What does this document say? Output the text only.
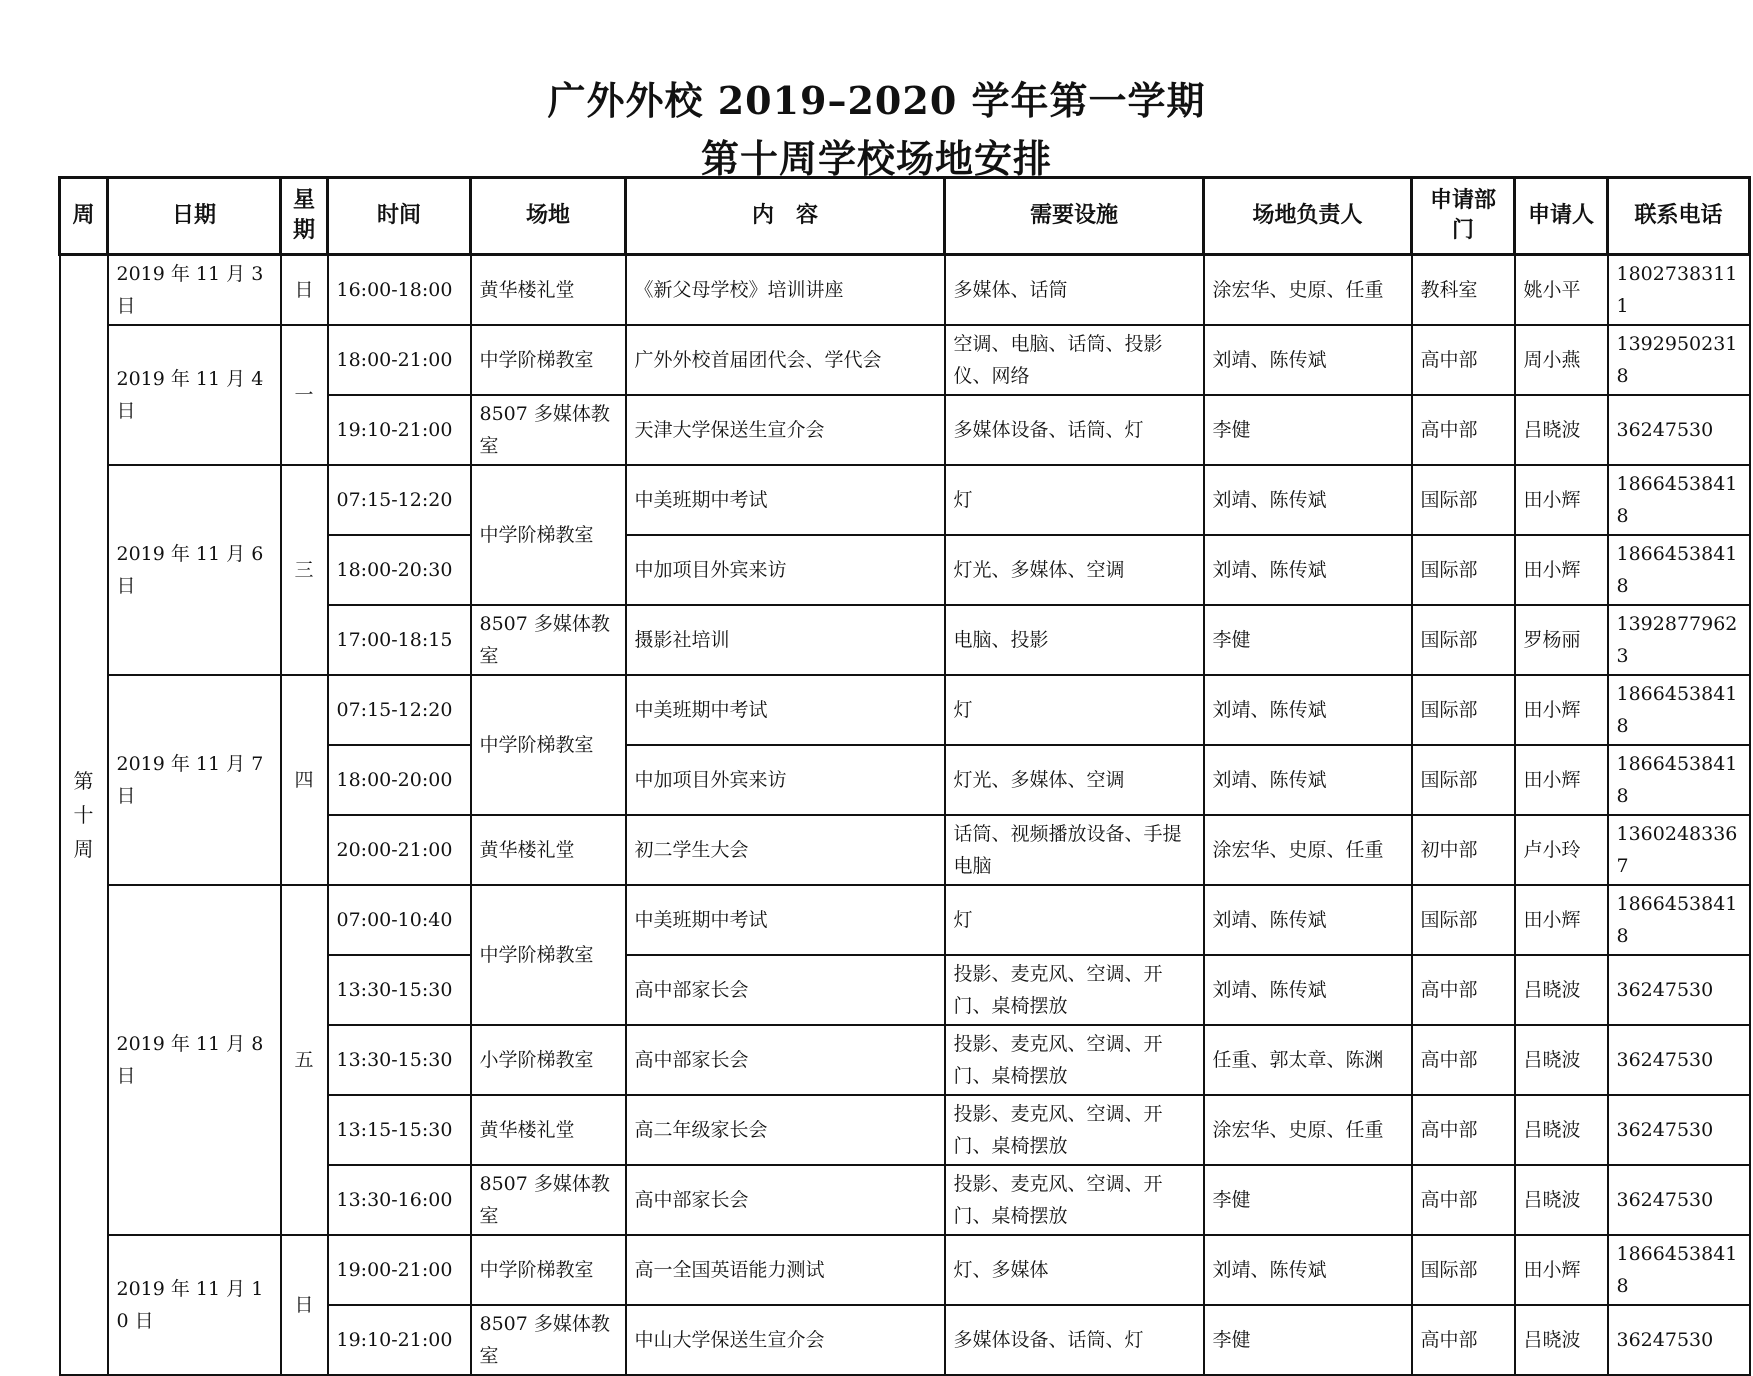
广外外校 2019–2020 学年第一学期
第十周学校场地安排
周	日期	星期	时间	场地	内　容	需要设施	场地负责人	申请部门	申请人	联系电话
第十周	2019 年 11 月 3 日	日	16:00-18:00	黄华楼礼堂	《新父母学校》培训讲座	多媒体、话筒	涂宏华、史原、任重	教科室	姚小平	18027383111
	2019 年 11 月 4 日	一	18:00-21:00	中学阶梯教室	广外外校首届团代会、学代会	空调、电脑、话筒、投影仪、网络	刘靖、陈传斌	高中部	周小燕	13929502318
			19:10-21:00	8507 多媒体教室	天津大学保送生宣介会	多媒体设备、话筒、灯	李健	高中部	吕晓波	36247530
	2019 年 11 月 6 日	三	07:15-12:20	中学阶梯教室	中美班期中考试	灯	刘靖、陈传斌	国际部	田小辉	18664538418
			18:00-20:30		中加项目外宾来访	灯光、多媒体、空调	刘靖、陈传斌	国际部	田小辉	18664538418
			17:00-18:15	8507 多媒体教室	摄影社培训	电脑、投影	李健	国际部	罗杨丽	13928779623
	2019 年 11 月 7 日	四	07:15-12:20	中学阶梯教室	中美班期中考试	灯	刘靖、陈传斌	国际部	田小辉	18664538418
			18:00-20:00		中加项目外宾来访	灯光、多媒体、空调	刘靖、陈传斌	国际部	田小辉	18664538418
			20:00-21:00	黄华楼礼堂	初二学生大会	话筒、视频播放设备、手提电脑	涂宏华、史原、任重	初中部	卢小玲	13602483367
	2019 年 11 月 8 日	五	07:00-10:40	中学阶梯教室	中美班期中考试	灯	刘靖、陈传斌	国际部	田小辉	18664538418
			13:30-15:30		高中部家长会	投影、麦克风、空调、开门、桌椅摆放	刘靖、陈传斌	高中部	吕晓波	36247530
			13:30-15:30	小学阶梯教室	高中部家长会	投影、麦克风、空调、开门、桌椅摆放	任重、郭太章、陈渊	高中部	吕晓波	36247530
			13:15-15:30	黄华楼礼堂	高二年级家长会	投影、麦克风、空调、开门、桌椅摆放	涂宏华、史原、任重	高中部	吕晓波	36247530
			13:30-16:00	8507 多媒体教室	高中部家长会	投影、麦克风、空调、开门、桌椅摆放	李健	高中部	吕晓波	36247530
	2019 年 11 月 10 日	日	19:00-21:00	中学阶梯教室	高一全国英语能力测试	灯、多媒体	刘靖、陈传斌	国际部	田小辉	18664538418
			19:10-21:00	8507 多媒体教室	中山大学保送生宣介会	多媒体设备、话筒、灯	李健	高中部	吕晓波	36247530
